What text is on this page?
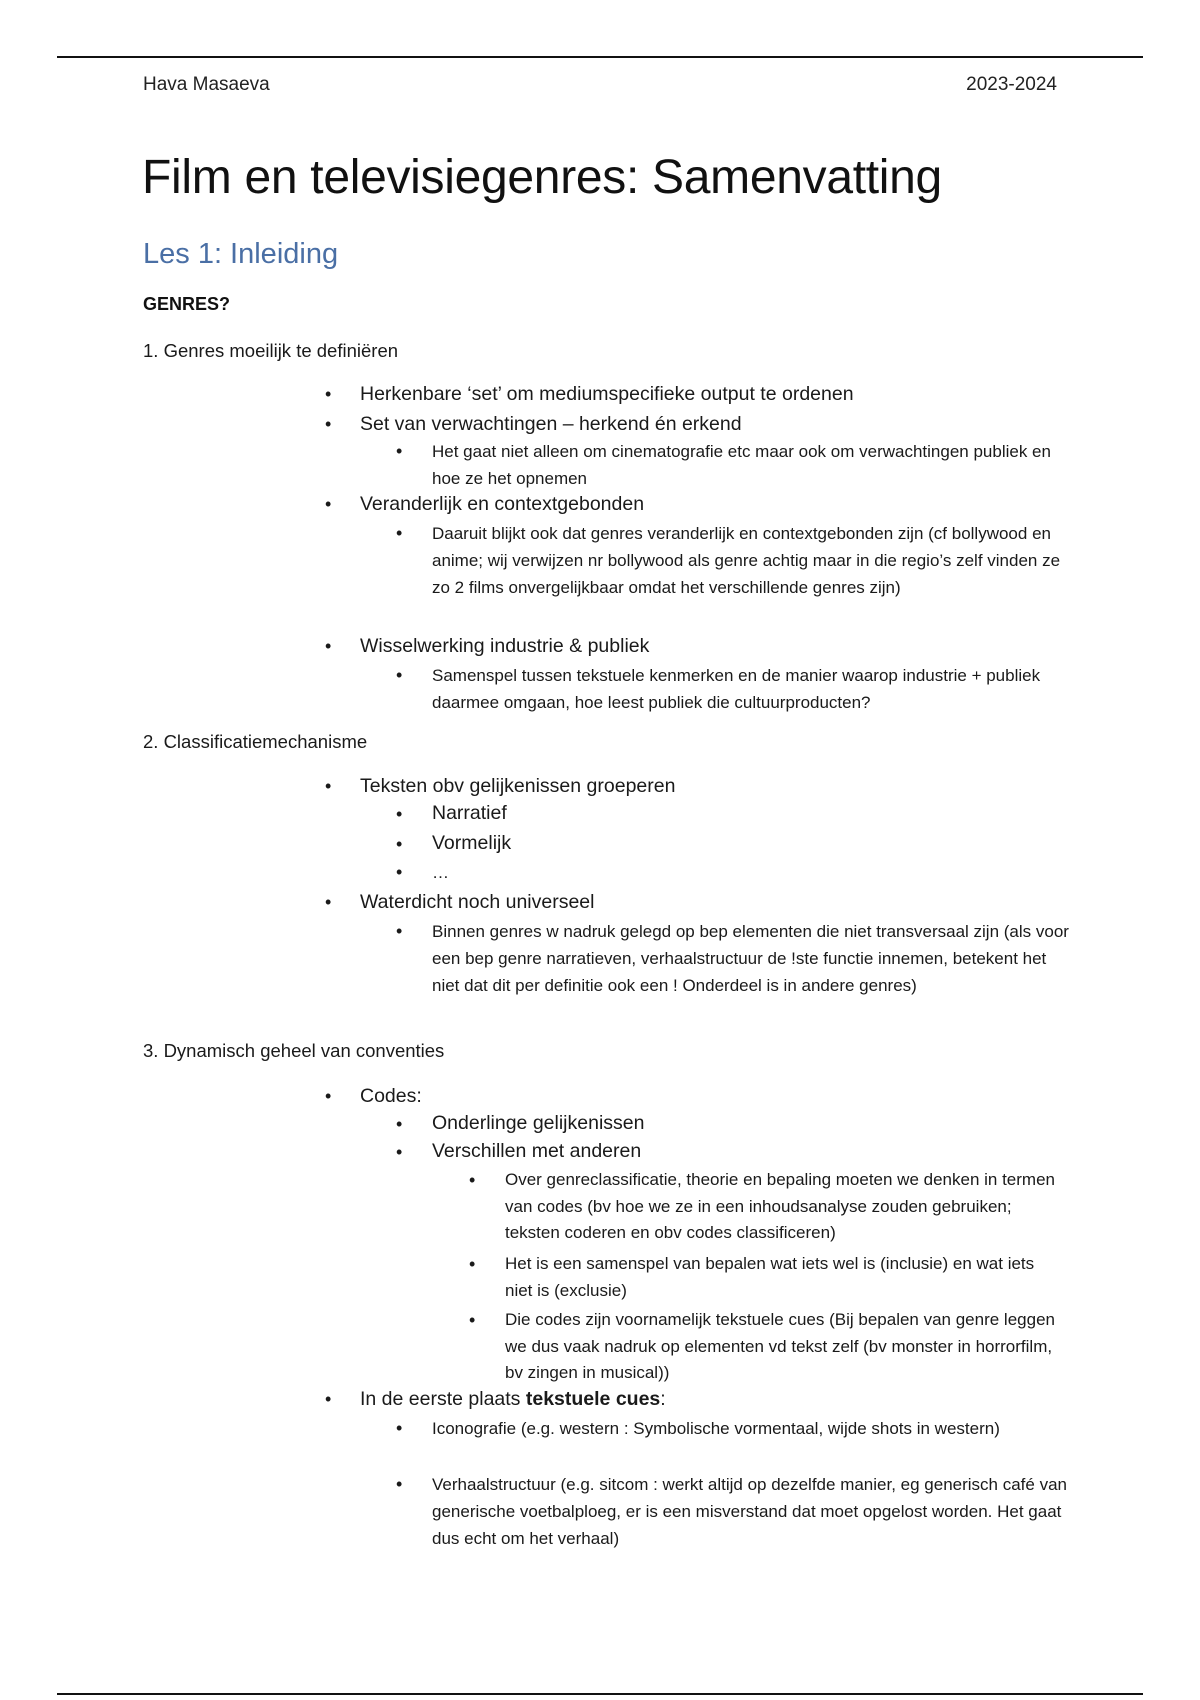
Hava Masaeva	2023-2024
Film en televisiegenres: Samenvatting
Les 1: Inleiding
GENRES?
1. Genres moeilijk te definiëren
• Herkenbare ‘set’ om mediumspecifieke output te ordenen
• Set van verwachtingen – herkend én erkend
• Het gaat niet alleen om cinematografie etc maar ook om verwachtingen publiek en hoe ze het opnemen
• Veranderlijk en contextgebonden
• Daaruit blijkt ook dat genres veranderlijk en contextgebonden zijn (cf bollywood en anime; wij verwijzen nr bollywood als genre achtig maar in die regio’s zelf vinden ze zo 2 films onvergelijkbaar omdat het verschillende genres zijn)
• Wisselwerking industrie & publiek
• Samenspel tussen tekstuele kenmerken en de manier waarop industrie + publiek daarmee omgaan, hoe leest publiek die cultuurproducten?
2. Classificatiemechanisme
• Teksten obv gelijkenissen groeperen
• Narratief
• Vormelijk
• …
• Waterdicht noch universeel
• Binnen genres w nadruk gelegd op bep elementen die niet transversaal zijn (als voor een bep genre narratieven, verhaalstructuur de !ste functie innemen, betekent het niet dat dit per definitie ook een ! Onderdeel is in andere genres)
3. Dynamisch geheel van conventies
• Codes:
• Onderlinge gelijkenissen
• Verschillen met anderen
• Over genreclassificatie, theorie en bepaling moeten we denken in termen van codes (bv hoe we ze in een inhoudsanalyse zouden gebruiken; teksten coderen en obv codes classificeren)
• Het is een samenspel van bepalen wat iets wel is (inclusie) en wat iets niet is (exclusie)
• Die codes zijn voornamelijk tekstuele cues (Bij bepalen van genre leggen we dus vaak nadruk op elementen vd tekst zelf (bv monster in horrorfilm, bv zingen in musical))
• In de eerste plaats tekstuele cues:
• Iconografie (e.g. western : Symbolische vormentaal, wijde shots in western)
• Verhaalstructuur (e.g. sitcom : werkt altijd op dezelfde manier, eg generisch café van generische voetbalploeg, er is een misverstand dat moet opgelost worden. Het gaat dus echt om het verhaal)
